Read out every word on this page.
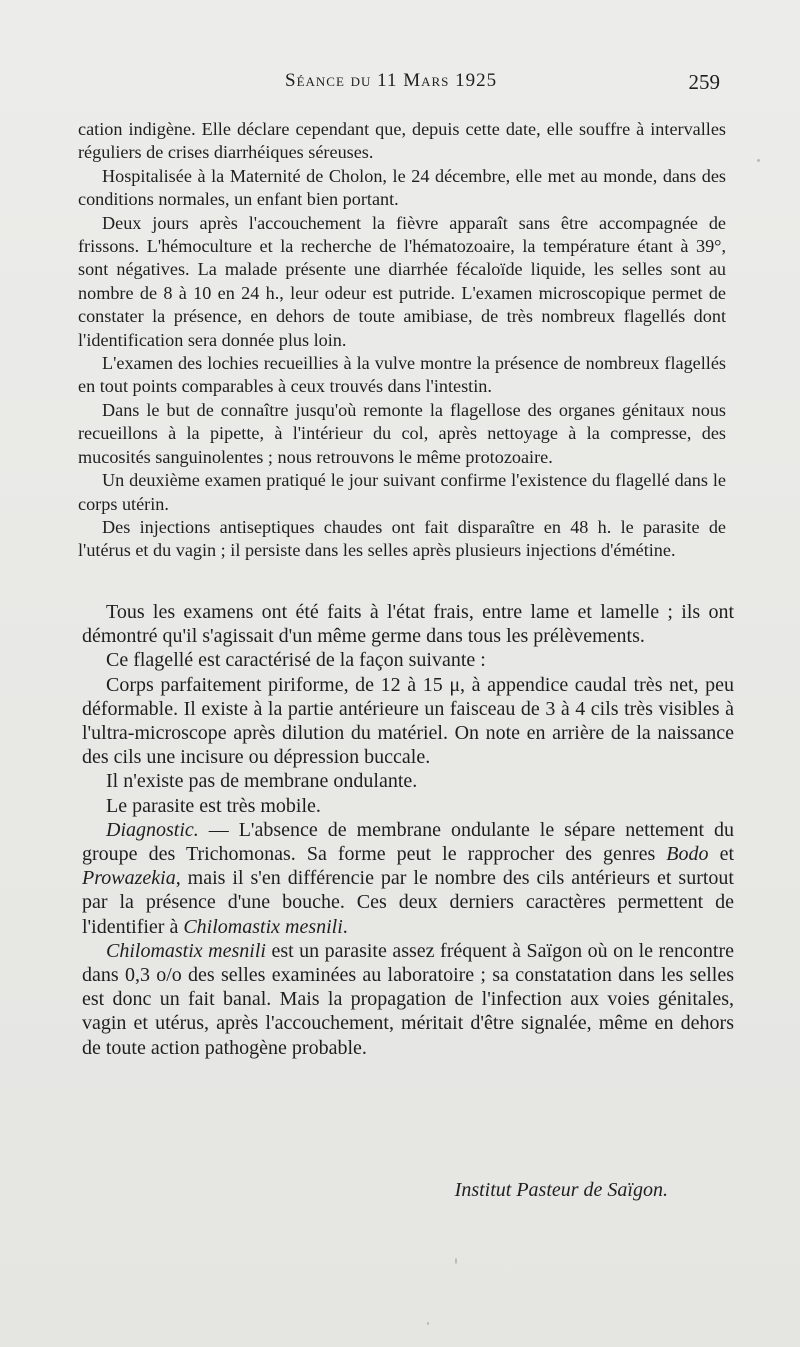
Séance du 11 Mars 1925	259

cation indigène. Elle déclare cependant que, depuis cette date, elle souffre à intervalles réguliers de crises diarrhéiques séreuses.

Hospitalisée à la Maternité de Cholon, le 24 décembre, elle met au monde, dans des conditions normales, un enfant bien portant.

Deux jours après l'accouchement la fièvre apparaît sans être accompagnée de frissons. L'hémoculture et la recherche de l'hématozoaire, la température étant à 39°, sont négatives. La malade présente une diarrhée fécaloïde liquide, les selles sont au nombre de 8 à 10 en 24 h., leur odeur est putride. L'examen microscopique permet de constater la présence, en dehors de toute amibiase, de très nombreux flagellés dont l'identification sera donnée plus loin.

L'examen des lochies recueillies à la vulve montre la présence de nombreux flagellés en tout points comparables à ceux trouvés dans l'intestin.

Dans le but de connaître jusqu'où remonte la flagellose des organes génitaux nous recueillons à la pipette, à l'intérieur du col, après nettoyage à la compresse, des mucosités sanguinolentes ; nous retrouvons le même protozoaire.

Un deuxième examen pratiqué le jour suivant confirme l'existence du flagellé dans le corps utérin.

Des injections antiseptiques chaudes ont fait disparaître en 48 h. le parasite de l'utérus et du vagin ; il persiste dans les selles après plusieurs injections d'émétine.

Tous les examens ont été faits à l'état frais, entre lame et lamelle ; ils ont démontré qu'il s'agissait d'un même germe dans tous les prélèvements.

Ce flagellé est caractérisé de la façon suivante :

Corps parfaitement piriforme, de 12 à 15 μ, à appendice caudal très net, peu déformable. Il existe à la partie antérieure un faisceau de 3 à 4 cils très visibles à l'ultra-microscope après dilution du matériel. On note en arrière de la naissance des cils une incisure ou dépression buccale.

Il n'existe pas de membrane ondulante.

Le parasite est très mobile.

Diagnostic. — L'absence de membrane ondulante le sépare nettement du groupe des Trichomonas. Sa forme peut le rapprocher des genres Bodo et Prowazekia, mais il s'en différencie par le nombre des cils antérieurs et surtout par la présence d'une bouche. Ces deux derniers caractères permettent de l'identifier à Chilomastix mesnili.

Chilomastix mesnili est un parasite assez fréquent à Saïgon où on le rencontre dans 0,3 o/o des selles examinées au laboratoire ; sa constatation dans les selles est donc un fait banal. Mais la propagation de l'infection aux voies génitales, vagin et utérus, après l'accouchement, méritait d'être signalée, même en dehors de toute action pathogène probable.

Institut Pasteur de Saïgon.
